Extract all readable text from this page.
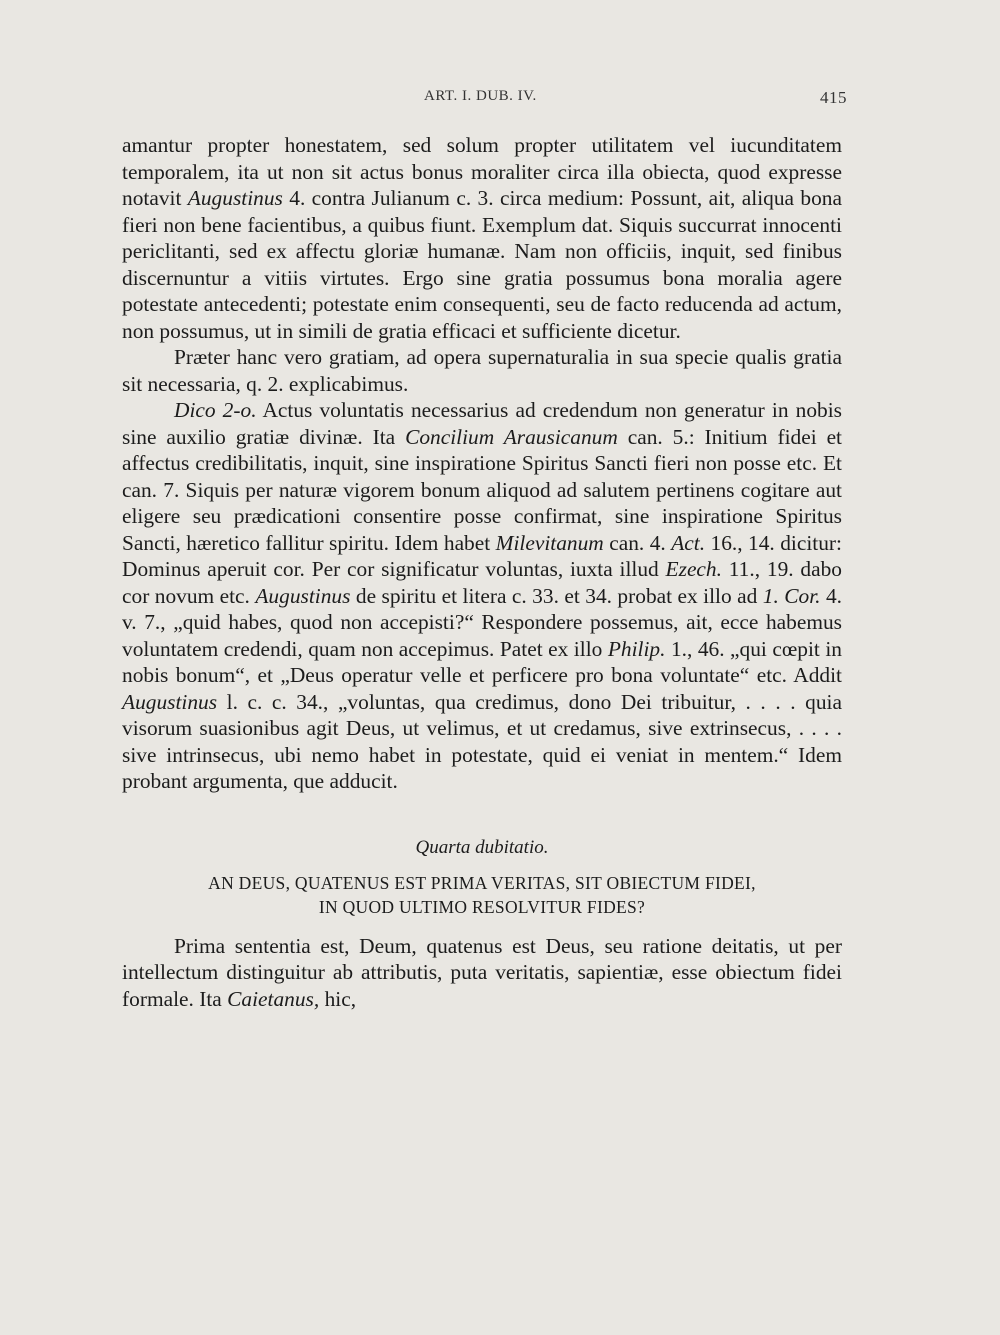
ART. I. DUB. IV.	415

amantur propter honestatem, sed solum propter utilitatem vel iucunditatem temporalem, ita ut non sit actus bonus moraliter circa illa obiecta, quod expresse notavit Augustinus 4. contra Julianum c. 3. circa medium: Possunt, ait, aliqua bona fieri non bene facientibus, a quibus fiunt. Exemplum dat. Siquis succurrat innocenti periclitanti, sed ex affectu gloriæ humanæ. Nam non officiis, inquit, sed finibus discernuntur a vitiis virtutes. Ergo sine gratia possumus bona moralia agere potestate antecedenti; potestate enim consequenti, seu de facto reducenda ad actum, non possumus, ut in simili de gratia efficaci et sufficiente dicetur.

Præter hanc vero gratiam, ad opera supernaturalia in sua specie qualis gratia sit necessaria, q. 2. explicabimus.

Dico 2-o. Actus voluntatis necessarius ad credendum non generatur in nobis sine auxilio gratiæ divinæ. Ita Concilium Arausicanum can. 5.: Initium fidei et affectus credibilitatis, inquit, sine inspiratione Spiritus Sancti fieri non posse etc. Et can. 7. Siquis per naturæ vigorem bonum aliquod ad salutem pertinens cogitare aut eligere seu prædicationi consentire posse confirmat, sine inspiratione Spiritus Sancti, hæretico fallitur spiritu. Idem habet Milevitanum can. 4. Act. 16., 14. dicitur: Dominus aperuit cor. Per cor significatur voluntas, iuxta illud Ezech. 11., 19. dabo cor novum etc. Augustinus de spiritu et litera c. 33. et 34. probat ex illo ad 1. Cor. 4. v. 7., „quid habes, quod non accepisti?“ Respondere possemus, ait, ecce habemus voluntatem credendi, quam non accepimus. Patet ex illo Philip. 1., 46. „qui cœpit in nobis bonum“, et „Deus operatur velle et perficere pro bona voluntate“ etc. Addit Augustinus l. c. c. 34., „voluntas, qua credimus, dono Dei tribuitur, . . . . quia visorum suasionibus agit Deus, ut velimus, et ut credamus, sive extrinsecus, . . . . sive intrinsecus, ubi nemo habet in potestate, quid ei veniat in mentem.“ Idem probant argumenta, que adducit.

Quarta dubitatio.
AN DEUS, QUATENUS EST PRIMA VERITAS, SIT OBIECTUM FIDEI,
IN QUOD ULTIMO RESOLVITUR FIDES?

Prima sententia est, Deum, quatenus est Deus, seu ratione deitatis, ut per intellectum distinguitur ab attributis, puta veritatis, sapientiæ, esse obiectum fidei formale. Ita Caietanus, hic,
